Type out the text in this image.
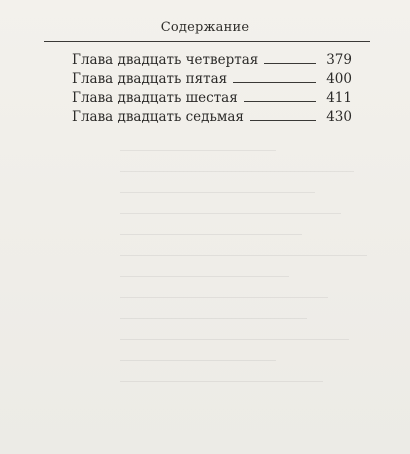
Содержание
Глава двадцать четвертая	379
Глава двадцать пятая	400
Глава двадцать шестая	411
Глава двадцать седьмая	430
